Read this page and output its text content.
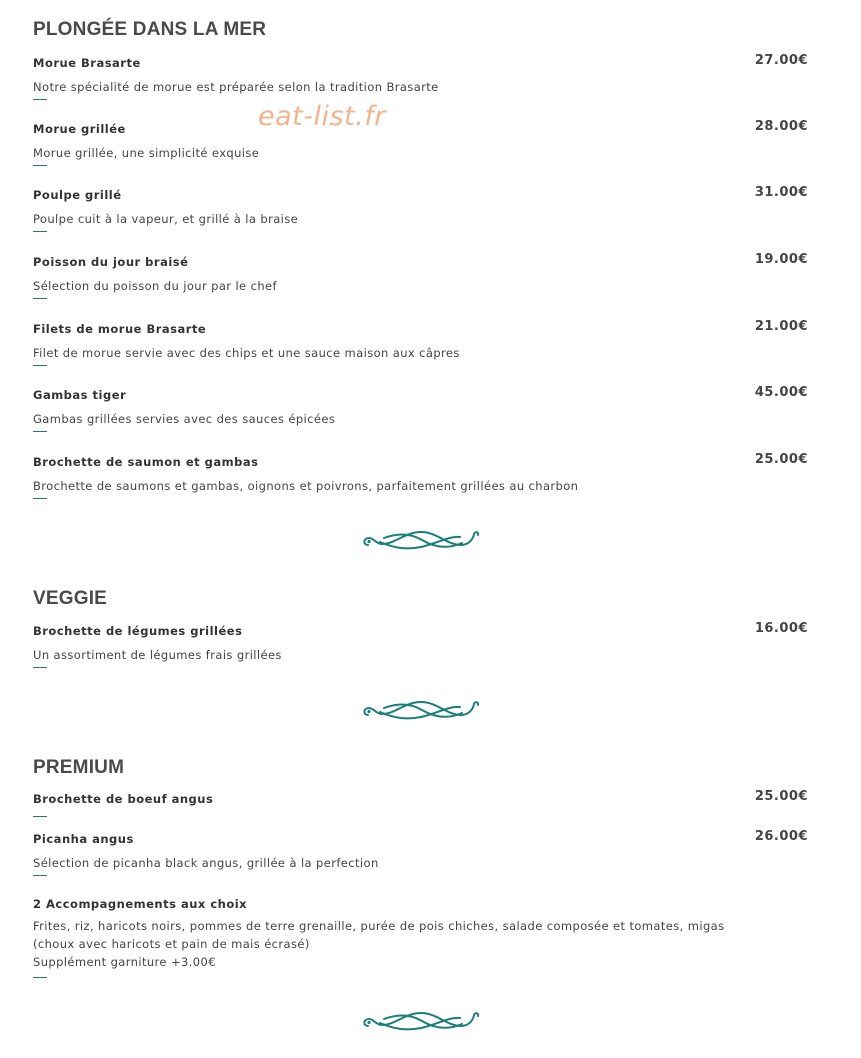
eat-list.fr
PLONGÉE DANS LA MER
Morue Brasarte	27.00€
Notre spécialité de morue est préparée selon la tradition Brasarte
Morue grillée	28.00€
Morue grillée, une simplicité exquise
Poulpe grillé	31.00€
Poulpe cuit à la vapeur, et grillé à la braise
Poisson du jour braisé	19.00€
Sélection du poisson du jour par le chef
Filets de morue Brasarte	21.00€
Filet de morue servie avec des chips et une sauce maison aux câpres
Gambas tiger	45.00€
Gambas grillées servies avec des sauces épicées
Brochette de saumon et gambas	25.00€
Brochette de saumons et gambas, oignons et poivrons, parfaitement grillées au charbon
VEGGIE
Brochette de légumes grillées	16.00€
Un assortiment de légumes frais grillées
PREMIUM
Brochette de boeuf angus	25.00€
Picanha angus	26.00€
Sélection de picanha black angus, grillée à la perfection
2 Accompagnements aux choix
Frites, riz, haricots noirs, pommes de terre grenaille, purée de pois chiches, salade composée et tomates, migas
(choux avec haricots et pain de mais écrasé)
Supplément garniture +3.00€
